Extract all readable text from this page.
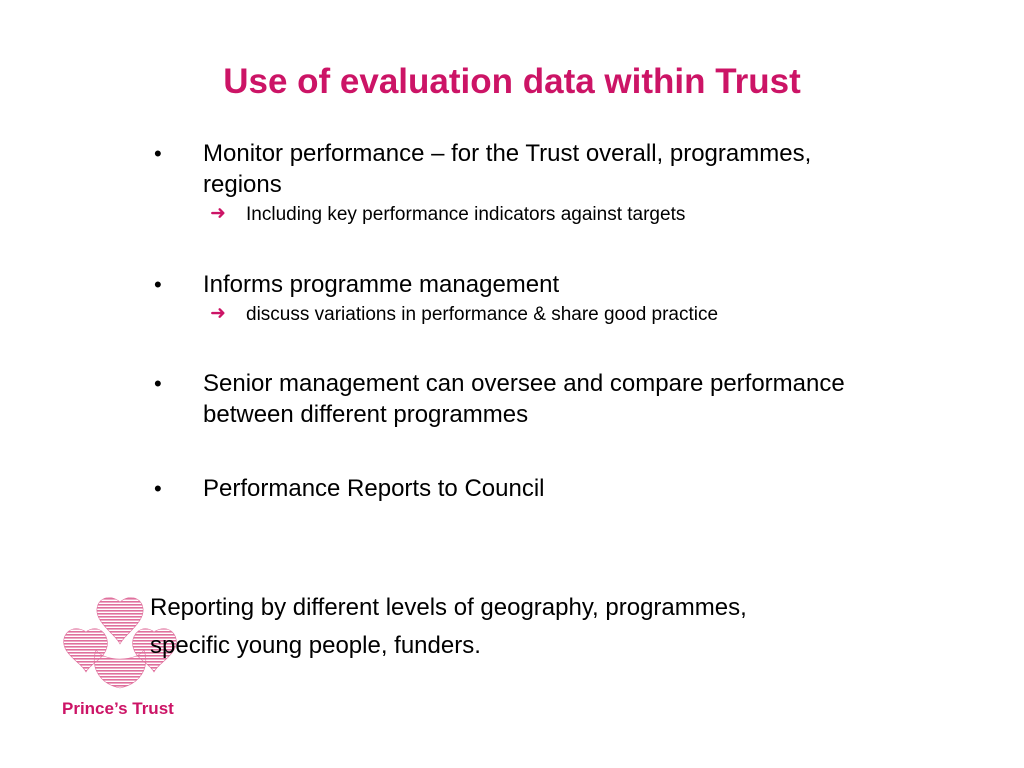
Use of evaluation data within Trust
• Monitor performance – for the Trust overall, programmes, regions
➜ Including key performance indicators against targets
• Informs programme management
➜ discuss variations in performance & share good practice
• Senior management can oversee and compare performance between different programmes
• Performance Reports to Council
Prince’s Trust
Reporting by different levels of geography, programmes,
specific young people, funders.
